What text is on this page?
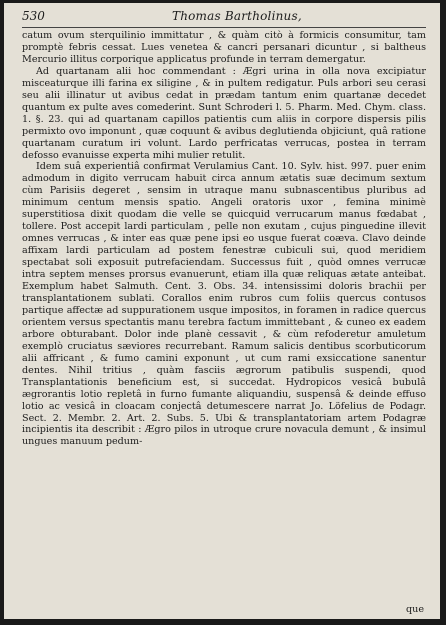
530	Thomas Bartholinus,

catum ovum sterquilinio immittatur , & quàm citò à formicis consumitur, tam promptè febris cessat. Lues venetea & cancri persanari dicuntur , si baltheus Mercurio illitus corporique applicatus profunde in terram demergatur.

Ad quartanam alii hoc commendant : Ægri urina in olla nova excipiatur misceaturque illi farina ex siligine , & in pultem redigatur. Puls arbori seu cerasi seu alii illinatur ut avibus cedat in prædam tantum enim quartanæ decedet quantum ex pulte aves comederint. Sunt Schroderi l. 5. Pharm. Med. Chym. class. 1. §. 23. qui ad quartanam capillos patientis cum aliis in corpore dispersis pilis permixto ovo imponunt , quæ coquunt & avibus deglutienda objiciunt, quâ ratione quartanam curatum iri volunt. Lardo perfricatas verrucas, postea in terram defosso evanuisse experta mihi mulier retulit.

Idem suâ experientiâ confirmat Verulamius Cant. 10. Sylv. hist. 997. puer enim admodum in digito verrucam habuit circa annum ætatis suæ decimum sextum cùm Parisiis degeret , sensim in utraque manu subnascentibus pluribus ad minimum centum mensis spatio. Angeli oratoris uxor , femina minimè superstitiosa dixit quodam die velle se quicquid verrucarum manus fœdabat , tollere. Post accepit lardi particulam , pelle non exutam , cujus pinguedine illevit omnes verrucas , & inter eas quæ pene ipsi eo usque fuerat coæva. Clavo deinde affixam lardi particulam ad postem fenestræ cubiculi sui, quod meridiem spectabat soli exposuit putrefaciendam. Successus fuit , quòd omnes verrucæ intra septem menses prorsus evanuerunt, etiam illa quæ reliquas ætate anteibat. Exemplum habet Salmuth. Cent. 3. Obs. 34. intensissimi doloris brachii per transplantationem sublati. Corallos enim rubros cum foliis quercus contusos partique affectæ ad suppurationem usque impositos, in foramen in radice quercus orientem versus spectantis manu terebra factum immittebant , & cuneo ex eadem arbore obturabant. Dolor inde planè cessavit , & cùm refoderetur amuletum exemplò cruciatus sæviores recurrebant. Ramum salicis dentibus scorbuticorum alii affricant , & fumo camini exponunt , ut cum rami exsiccatione sanentur dentes. Nihil tritius , quàm fasciis ægrorum patibulis suspendi, quod Transplantationis beneficium est, si succedat. Hydropicos vesicâ bubulâ ægrorantis lotio repletâ in furno fumante aliquandiu, suspensâ & deinde effuso lotio ac vesicâ in cloacam conjectâ detumescere narrat Jo. Löfelius de Podagr. Sect. 2. Membr. 2. Art. 2. Subs. 5. Ubi & transplantatoriam artem Podagræ incipientis ita describit : Ægro pilos in utroque crure novacula demunt , & insimul ungues manuum pedum-

que
